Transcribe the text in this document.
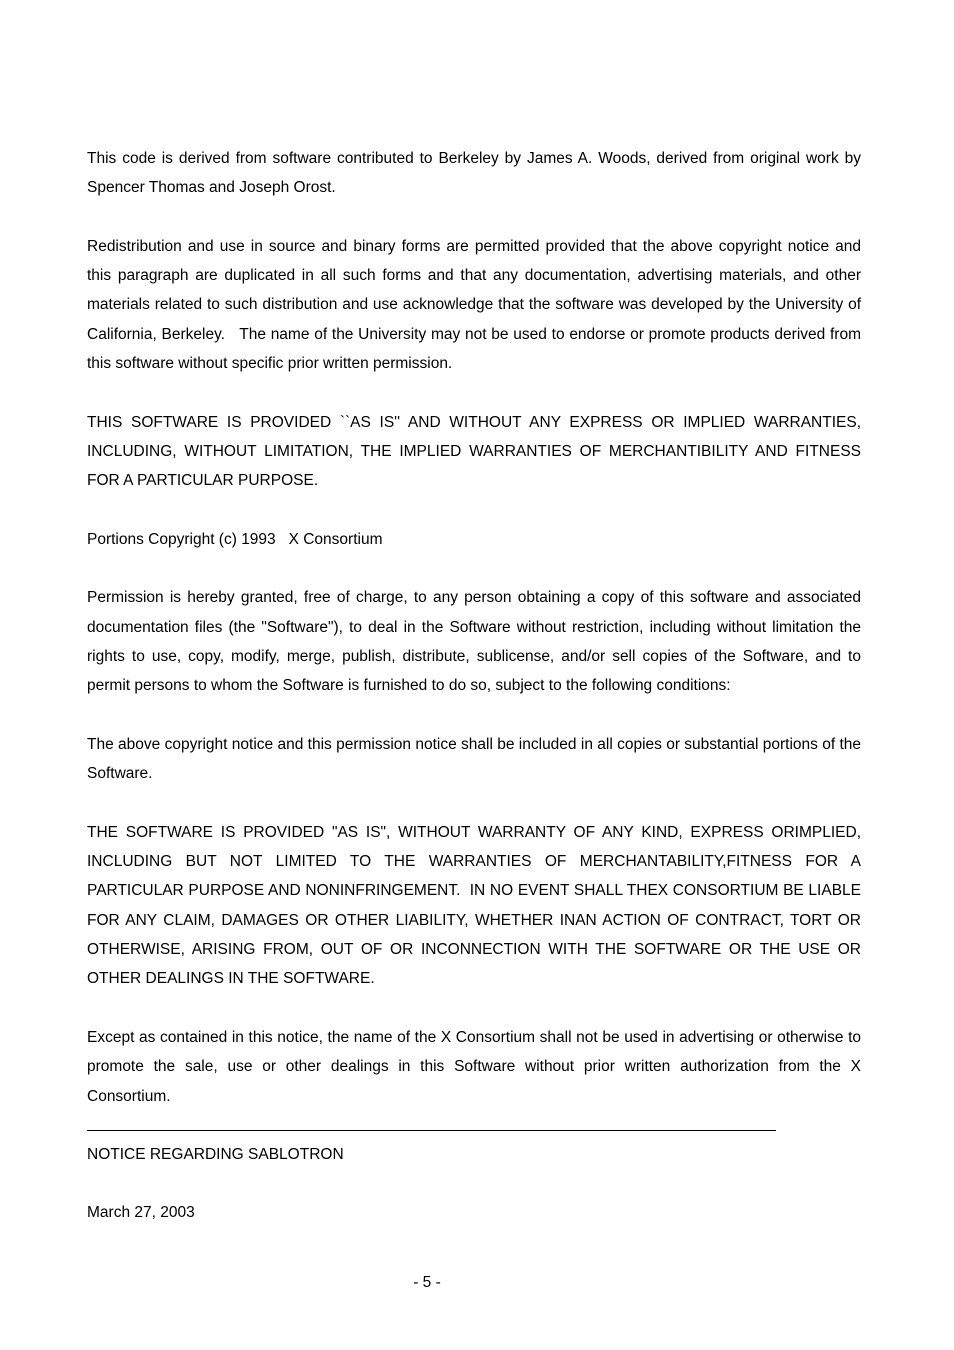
This code is derived from software contributed to Berkeley by James A. Woods, derived from original work by Spencer Thomas and Joseph Orost.

Redistribution and use in source and binary forms are permitted provided that the above copyright notice and this paragraph are duplicated in all such forms and that any documentation, advertising materials, and other materials related to such distribution and use acknowledge that the software was developed by the University of California, Berkeley.   The name of the University may not be used to endorse or promote products derived from this software without specific prior written permission.

THIS SOFTWARE IS PROVIDED ``AS IS'' AND WITHOUT ANY EXPRESS OR IMPLIED WARRANTIES, INCLUDING, WITHOUT LIMITATION, THE IMPLIED WARRANTIES OF MERCHANTIBILITY AND FITNESS FOR A PARTICULAR PURPOSE.

Portions Copyright (c) 1993   X Consortium

Permission is hereby granted, free of charge, to any person obtaining a copy of this software and associated documentation files (the "Software"), to deal in the Software without restriction, including without limitation the rights to use, copy, modify, merge, publish, distribute, sublicense, and/or sell copies of the Software, and to permit persons to whom the Software is furnished to do so, subject to the following conditions:

The above copyright notice and this permission notice shall be included in all copies or substantial portions of the Software.

THE SOFTWARE IS PROVIDED "AS IS", WITHOUT WARRANTY OF ANY KIND, EXPRESS ORIMPLIED, INCLUDING BUT NOT LIMITED TO THE WARRANTIES OF MERCHANTABILITY,FITNESS FOR A PARTICULAR PURPOSE AND NONINFRINGEMENT.  IN NO EVENT SHALL THEX CONSORTIUM BE LIABLE FOR ANY CLAIM, DAMAGES OR OTHER LIABILITY, WHETHER INAN ACTION OF CONTRACT, TORT OR OTHERWISE, ARISING FROM, OUT OF OR INCONNECTION WITH THE SOFTWARE OR THE USE OR OTHER DEALINGS IN THE SOFTWARE.

Except as contained in this notice, the name of the X Consortium shall not be used in advertising or otherwise to promote the sale, use or other dealings in this Software without prior written authorization from the X Consortium.

NOTICE REGARDING SABLOTRON

March 27, 2003

- 5 -
